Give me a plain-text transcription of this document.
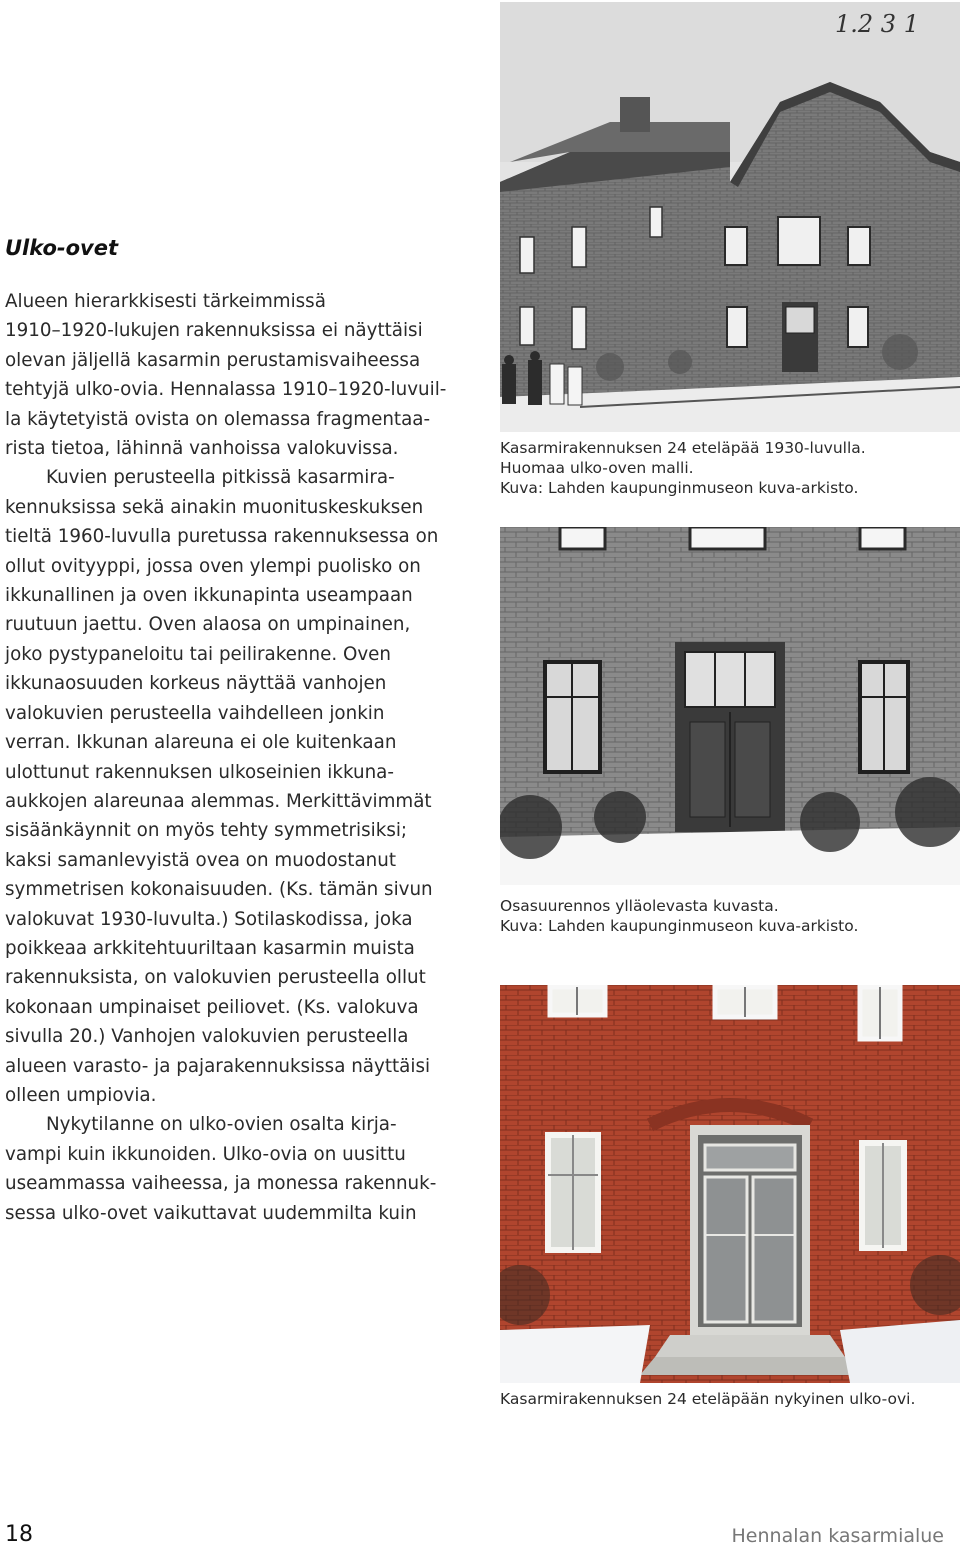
Ulko-ovet
Alueen hierarkkisesti tärkeimmissä
1910–1920-lukujen rakennuksissa ei näyttäisi
olevan jäljellä kasarmin perustamisvaiheessa
tehtyjä ulko-ovia. Hennalassa 1910–1920-luvuil-
la käytetyistä ovista on olemassa fragmentaa-
rista tietoa, lähinnä vanhoissa valokuvissa.
Kuvien perusteella pitkissä kasarmira-
kennuksissa sekä ainakin muonituskeskuksen
tieltä 1960-luvulla puretussa rakennuksessa on
ollut ovityyppi, jossa oven ylempi puolisko on
ikkunallinen ja oven ikkunapinta useampaan
ruutuun jaettu. Oven alaosa on umpinainen,
joko pystypaneloitu tai peilirakenne. Oven
ikkunaosuuden korkeus näyttää vanhojen
valokuvien perusteella vaihdelleen jonkin
verran. Ikkunan alareuna ei ole kuitenkaan
ulottunut rakennuksen ulkoseinien ikkuna-
aukkojen alareunaa alemmas. Merkittävimmät
sisäänkäynnit on myös tehty symmetrisiksi;
kaksi samanlevyistä ovea on muodostanut
symmetrisen kokonaisuuden. (Ks. tämän sivun
valokuvat 1930-luvulta.) Sotilaskodissa, joka
poikkeaa arkkitehtuuriltaan kasarmin muista
rakennuksista, on valokuvien perusteella ollut
kokonaan umpinaiset peiliovet. (Ks. valokuva
sivulla 20.) Vanhojen valokuvien perusteella
alueen varasto- ja pajarakennuksissa näyttäisi
olleen umpiovia.
Nykytilanne on ulko-ovien osalta kirja-
vampi kuin ikkunoiden. Ulko-ovia on uusittu
useammassa vaiheessa, ja monessa rakennuk-
sessa ulko-ovet vaikuttavat uudemmilta kuin
1.2 3 1
Kasarmirakennuksen 24 eteläpää 1930-luvulla.
Huomaa ulko-oven malli.
Kuva: Lahden kaupunginmuseon kuva-arkisto.
Osasuurennos ylläolevasta kuvasta.
Kuva: Lahden kaupunginmuseon kuva-arkisto.
Kasarmirakennuksen 24 eteläpään nykyinen ulko-ovi.
18	Hennalan kasarmialue
